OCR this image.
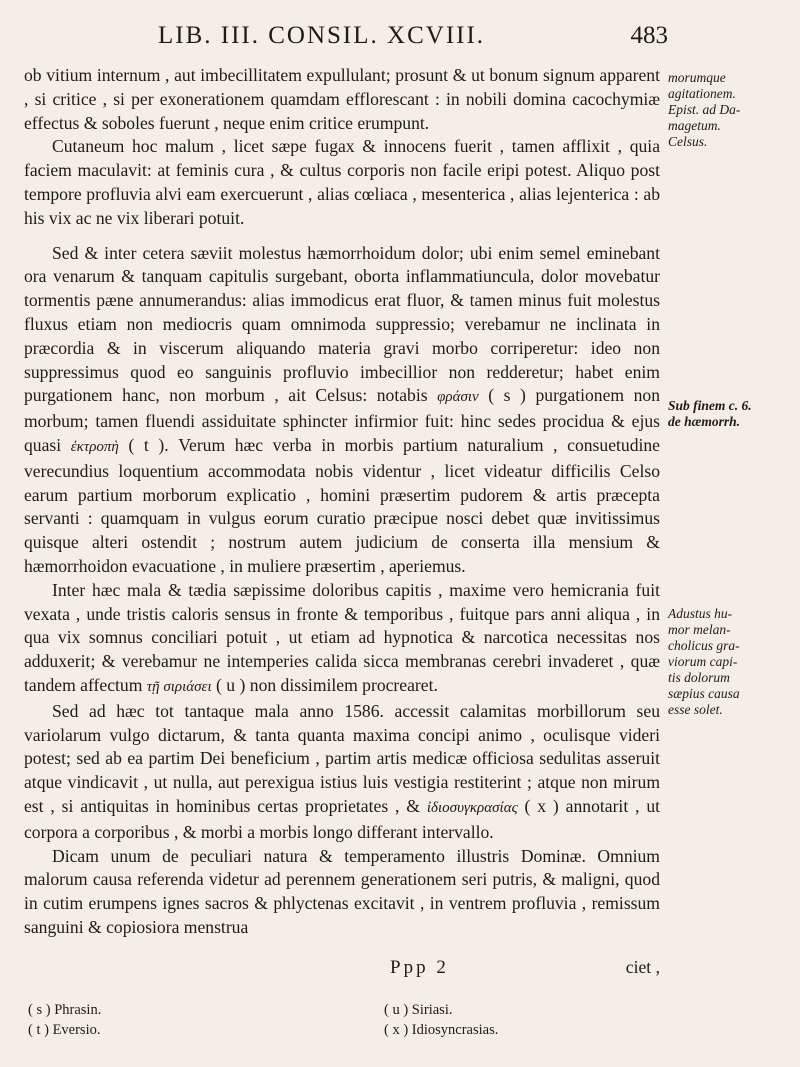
LIB. III. CONSIL. XCVIII.	483

ob vitium internum , aut imbecillitatem expullulant; prosunt & ut bonum signum apparent , si critice , si per exonerationem quamdam efflorescant : in nobili domina cacochymiæ effectus & soboles fuerunt , neque enim critice erumpunt.

Cutaneum hoc malum , licet sæpe fugax & innocens fuerit , tamen afflixit , quia faciem maculavit: at feminis cura , & cultus corporis non facile eripi potest. Aliquo post tempore profluvia alvi eam exercuerunt , alias cœliaca , mesenterica , alias lejenterica : ab his vix ac ne vix liberari potuit.

Sed & inter cetera sæviit molestus hæmorrhoidum dolor; ubi enim semel eminebant ora venarum & tanquam capitulis surgebant, oborta inflammatiuncula, dolor movebatur tormentis pæne annumerandus: alias immodicus erat fluor, & tamen minus fuit molestus fluxus etiam non mediocris quam omnimoda suppressio; verebamur ne inclinata in præcordia & in viscerum aliquando materia gravi morbo corriperetur: ideo non suppressimus quod eo sanguinis profluvio imbecillior non redderetur; habet enim purgationem hanc, non morbum , ait Celsus: notabis φράσιν ( s ) purgationem non morbum; tamen fluendi assiduitate sphincter infirmior fuit: hinc sedes procidua & ejus quasi ἐκτροπὴ ( t ). Verum hæc verba in morbis partium naturalium , consuetudine verecundius loquentium accommodata nobis videntur , licet videatur difficilis Celso earum partium morborum explicatio , homini præsertim pudorem & artis præcepta servanti : quamquam in vulgus eorum curatio præcipue nosci debet quæ invitissimus quisque alteri ostendit ; nostrum autem judicium de conserta illa mensium & hæmorrhoidon evacuatione , in muliere præsertim , aperiemus.

Inter hæc mala & tædia sæpissime doloribus capitis , maxime vero hemicrania fuit vexata , unde tristis caloris sensus in fronte & temporibus , fuitque pars anni aliqua , in qua vix somnus conciliari potuit , ut etiam ad hypnotica & narcotica necessitas nos adduxerit; & verebamur ne intemperies calida sicca membranas cerebri invaderet , quæ tandem affectum τῇ σιριάσει ( u ) non dissimilem procrearet.

Sed ad hæc tot tantaque mala anno 1586. accessit calamitas morbillorum seu variolarum vulgo dictarum, & tanta quanta maxima concipi animo , oculisque videri potest; sed ab ea partim Dei beneficium , partim artis medicæ officiosa sedulitas asseruit atque vindicavit , ut nulla, aut perexigua istius luis vestigia restiterint ; atque non mirum est , si antiquitas in hominibus certas proprietates , & ἰδιοσυγκρασίας ( x ) annotarit , ut corpora a corporibus , & morbi a morbis longo differant intervallo.

Dicam unum de peculiari natura & temperamento illustris Dominæ. Omnium malorum causa referenda videtur ad perennem generationem seri putris, & maligni, quod in cutim erumpens ignes sacros & phlyctenas excitavit , in ventrem profluvia , remissum sanguini & copiosiora menstrua

morumque
agitationem.
Epist. ad Da-
magetum.
Celsus.
Sub finem c. 6.
de hæmorrh.
Adustus hu-
mor melan-
cholicus gra-
viorum capi-
tis dolorum
sæpius causa
esse solet.
Ppp 2	ciet ,
( s ) Phrasin.
( t ) Eversio.
( u ) Siriasi.
( x ) Idiosyncrasias.
